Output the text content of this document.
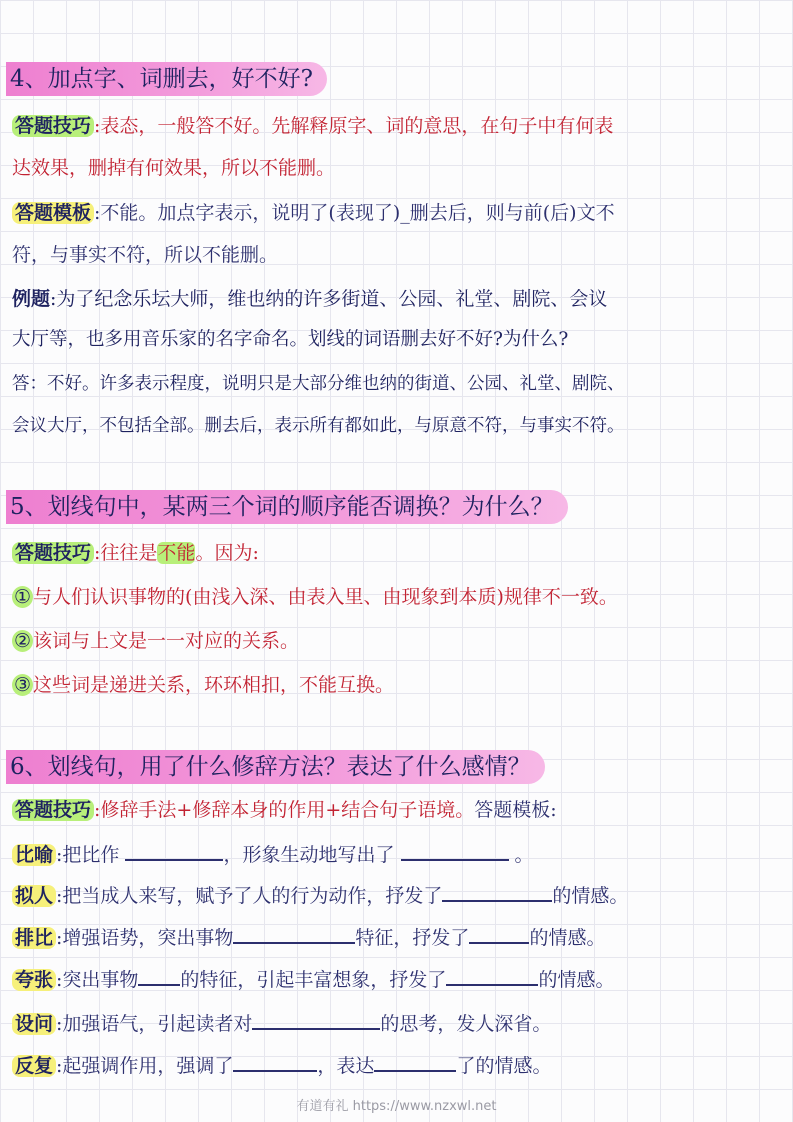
4、加点字、词删去，好不好?
答题技巧 :表态，一般答不好。先解释原字、词的意思，在句子中有何表
达效果，删掉有何效果，所以不能删。
答题模板 :不能。加点字表示，说明了(表现了)_删去后，则与前(后)文不
符，与事实不符，所以不能删。
例题:为了纪念乐坛大师，维也纳的许多街道、公园、礼堂、剧院、会议
大厅等，也多用音乐家的名字命名。划线的词语删去好不好?为什么?
答：不好。许多表示程度，说明只是大部分维也纳的街道、公园、礼堂、剧院、
会议大厅，不包括全部。删去后，表示所有都如此，与原意不符，与事实不符。
5、划线句中，某两三个词的顺序能否调换？为什么？
答题技巧 :往往是不能。因为:
① 与人们认识事物的(由浅入深、由表入里、由现象到本质)规律不一致。
② 该词与上文是一一对应的关系。
③ 这些词是递进关系，环环相扣，不能互换。
6、划线句，用了什么修辞方法？表达了什么感情？
答题技巧 :修辞手法+修辞本身的作用+结合句子语境。答题模板:
比喻 :把比作	，形象生动地写出了	。
拟人 :把当成人来写，赋予了人的行为动作，抒发了	的情感。
排比 :增强语势，突出事物	特征，抒发了	的情感。
夸张 :突出事物 的特征，引起丰富想象，抒发了	的情感。
设问 :加强语气，引起读者对	的思考，发人深省。
反复 :起强调作用，强调了	，表达	了的情感。
有道有礼 https://www.nzxwl.net
